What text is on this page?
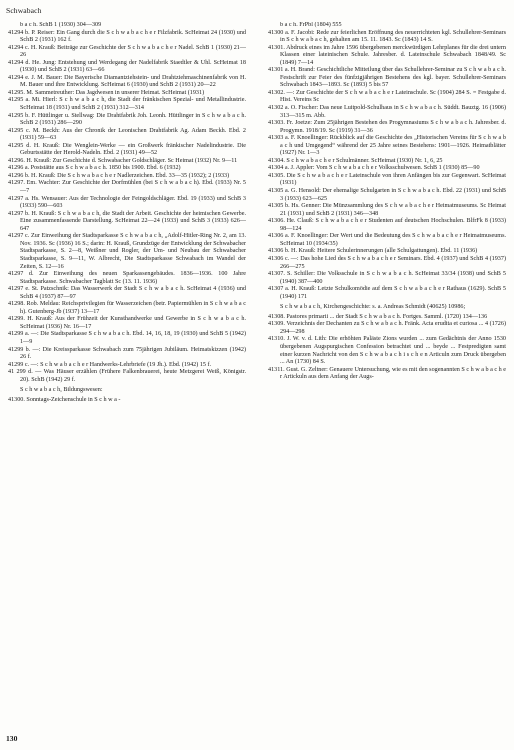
Schwabach

b a c h. SchB 1 (1930) 304—309

41294 b. P. Reiser: Ein Gang durch die S c h w a b a c h e r Filzfabrik. ScHeimat 24 (1930) und SchB 2 (1931) 162 f.

41294 c. H. Krauß: Beiträge zur Geschichte der S c h w a b a c h e r Nadel. SchB 1 (1930) 21—26

41294 d. He. Jung: Entstehung und Werdegang der Nadelfabrik Staedtler & Uhl. ScHeimat 18 (1930) und SchB 2 (1931) 63—66

41294 e. J. M. Bauer: Die Bayerische Diamantziehstein- und Drahtziehmaschinenfabrik von H. M. Bauer und ihre Entwicklung. ScHeimat 6 (1930) und SchB 2 (1931) 20—22

41295. M. Sammetreuther: Das Jagdwesen in unserer Heimat. ScHeimat (1931)

41295 a. Mi. Hierl: S c h w a b a c h, die Stadt der fränkischen Spezial- und Metallindustrie. ScHeimat 18 (1931) und SchB 2 (1931) 312—314

41295 b. F. Hüttlinger u. Stellwag: Die Drahtfabrik Joh. Leonh. Hüttlinger in S c h w a b a c h. SchB 2 (1931) 286—290

41295 c. M. Beckh: Aus der Chronik der Leonischen Drahtfabrik Ag. Adam Beckh. Ebd. 2 (1931) 59—63

41295 d. H. Krauß: Die Wenglein-Werke — ein Großwerk fränkischer Nadelindustrie. Die Geburtsstätte der Herold-Nadeln. Ebd. 2 (1931) 49—52

41296. H. Krauß: Zur Geschichte d. Schwabacher Goldschläger. Sc Heimat (1932) Nr. 9—11

41296 a. Poststätte aus S c h w a b a c h. 1850 bis 1900. Ebd. 6 (1932)

41296 b. H. Krauß: Die S c h w a b a c h e r Nadlerzeichen. Ebd. 33—35 (1932); 2 (1933)

41297. Em. Wachter: Zur Geschichte der Dorfmühlen (bei S c h w a b a c h). Ebd. (1933) Nr. 5—7

41297 a. Hs. Wensauer: Aus der Technologie der Feingoldschläger. Ebd. 19 (1933) und SchB 3 (1933) 590—603

41297 b. H. Krauß: S c h w a b a c h, die Stadt der Arbeit. Geschichte der heimischen Gewerbe. Eine zusammenfassende Darstellung. ScHeimat 22—24 (1933) und SchB 3 (1933) 626—647

41297 c. Zur Einweihung der Stadtsparkasse S c h w a b a c h, „Adolf-Hitler-Ring Nr. 2, am 13. Nov. 1936. Sc (1936) 16 S.; darin: H. Krauß, Grundzüge der Entwicklung der Schwabacher Stadtsparkasse, S. 2—8, Weißner und Rogler, der Um- und Neubau der Schwabacher Stadtsparkasse, S. 9—11, W. Albrecht, Die Stadtsparkasse Schwabach im Wandel der Zeiten, S. 12—16

41297 d. Zur Einweihung des neuen Sparkassengebäudes. 1836—1936. 100 Jahre Stadtsparkasse. Schwabacher Tagblatt Sc (13. 11. 1936)

41297 e. St. Patzschnik: Das Wasserwerk der Stadt S c h w a b a c h. ScHeimat 4 (1936) und SchB 4 (1937) 87—97

41298. Rob. Meldau: Reichsprivilegien für Wasserzeichen (betr. Papiermühlen in S c h w a b a c h). Gutenberg-Jb (1937) 13—17

41299. H. Krauß: Aus der Frühzeit der Kunsthandwerke und Gewerbe in S c h w a b a c h. ScHeimat (1936) Nr. 16—17

41299 a. —: Die Stadtsparkasse S c h w a b a c h. Ebd. 14, 16, 18, 19 (1930) und SchB 5 (1942) 1—9

41299 b. —: Die Kreissparkasse Schwabach zum 75jährigen Jubiläum. Heimatskizzen (1942) 26 f.

41299 c. —: S c h w a b a c h e r Handwerks-Lehrbriefe (19 Jh.). Ebd. (1942) 15 f.

41 299 d. — Was Häuser erzählen (Frühere Falkenbrauerei, heute Metzgerei Weiß, Königstr. 20). SchB (1942) 29 f.

S c h w a b a c h, Bildungswesen:

41300. Sonntags-Zeichenschule in S c h w a -

b a c h. FrPbl (1804) 555

41300 a. F. Jacobi: Rede zur feierlichen Eröffnung des neuerrichteten kgl. Schullehrer-Seminars in S c h w a b a c h, gehalten am 15. 11. 1843. Sc (1843) 14 S.

41301. Abdruck eines im Jahre 1596 übergebenen merckwürdigen Lehrplanes für die drei untern Klassen einer lateinischen Schule. Jahresber. d. Lateinschule Schwabach 1848/49. Sc (1849) 7—14

41301 a. H. Brand: Geschichtliche Mitteilung über das Schullehrer-Seminar zu S c h w a b a c h. Festschrift zur Feier des fünfzigjährigen Bestehens des kgl. bayer. Schullehrer-Seminars Schwabach 1843—1893. Sc (1893) 5 bis 57

41302. —: Zur Geschichte der S c h w a b a c h e r Lateinschule. Sc (1904) 284 S. = Festgabe d. Hist. Vereins Sc

41302 a. O. Fischer: Das neue Luitpold-Schulhaus in S c h w a b a c h. Süddt. Bauztg. 16 (1906) 313—315 m. Abb.

41303. Fr. Joetze: Zum 25jährigen Bestehen des Progymnasiums S c h w a b a c h. Jahresber. d. Progymn. 1918/19. Sc (1919) 31—36

41303 a. F. Knoellinger: Rückblick auf die Geschichte des „Historischen Vereins für S c h w a b a c h und Umgegend“ während der 25 Jahre seines Bestehens: 1901—1926. Heimatblätter (1927) Nr. 1—3

41304. S c h w a b a c h e r Schulmänner. ScHeimat (1930) Nr. 1, 6, 25

41304 a. J. Appler: Vom S c h w a b a c h e r Volksschulwesen. SchB 1 (1930) 85—90

41305. Die S c h w a b a c h e r Lateinschule von ihren Anfängen bis zur Gegenwart. ScHeimat (1931)

41305 a. G. Hensold: Der ehemalige Schulgarten in S c h w a b a c h. Ebd. 22 (1931) und SchB 3 (1933) 623—625

41305 b. Hs. Genner: Die Münzsammlung des S c h w a b a c h e r Heimatmuseums. Sc Heimat 21 (1931) und SchB 2 (1931) 346—348

41306. He. Clauß: S c h w a b a c h e r Studenten auf deutschen Hochschulen. BlfrFk 8 (1933) 98—124

41306 a. F. Knoellinger: Der Wert und die Bedeutung des S c h w a b a c h e r Heimatmuseums. ScHeimat 10 (1934/35)

41306 b. H. Krauß: Heitere Schulerinnerungen (alle Schulgattungen). Ebd. 11 (1936)

41306 c. —: Das hohe Lied des S c h w a b a c h e r Seminars. Ebd. 4 (1937) und SchB 4 (1937) 266—275

41307. S. Schiller: Die Volksschule in S c h w a b a c h. ScHeimat 33/34 (1938) und SchB 5 (1940) 387—400

41307 a. H. Krauß: Letzte Schulkomödie auf dem S c h w a b a c h e r Rathaus (1629). SchB 5 (1940) 171

S c h w a b a c h, Kirchengeschichte: s. a. Andreas Schmidt (40625) 10986;

41308. Pastores primarii ... der Stadt S c h w a b a c h. Fortges. Samml. (1720) 134—136

41309. Verzeichnis der Dechanten zu S c h w a b a c h. Fränk. Acta erudita et curiosa ... 4 (1726) 294—298

41310. J. W. v. d. Lith: Die erhöhten Paläste Zions wurden ... zum Gedächtnis der Anno 1530 übergebenen Augspurgischen Confession betrachtet und ... beyde ... Festpredigten samt einer kurzen Nachricht von den S c h w a b a c h i s c h e n Articuln zum Druck übergeben ... An (1730) 84 S.

41311. Gust. G. Zeltner: Genauere Untersuchung, wie es mit den sogenannten S c h w a b a c h e r Artickuln aus dem Anfang der Augs-

130
